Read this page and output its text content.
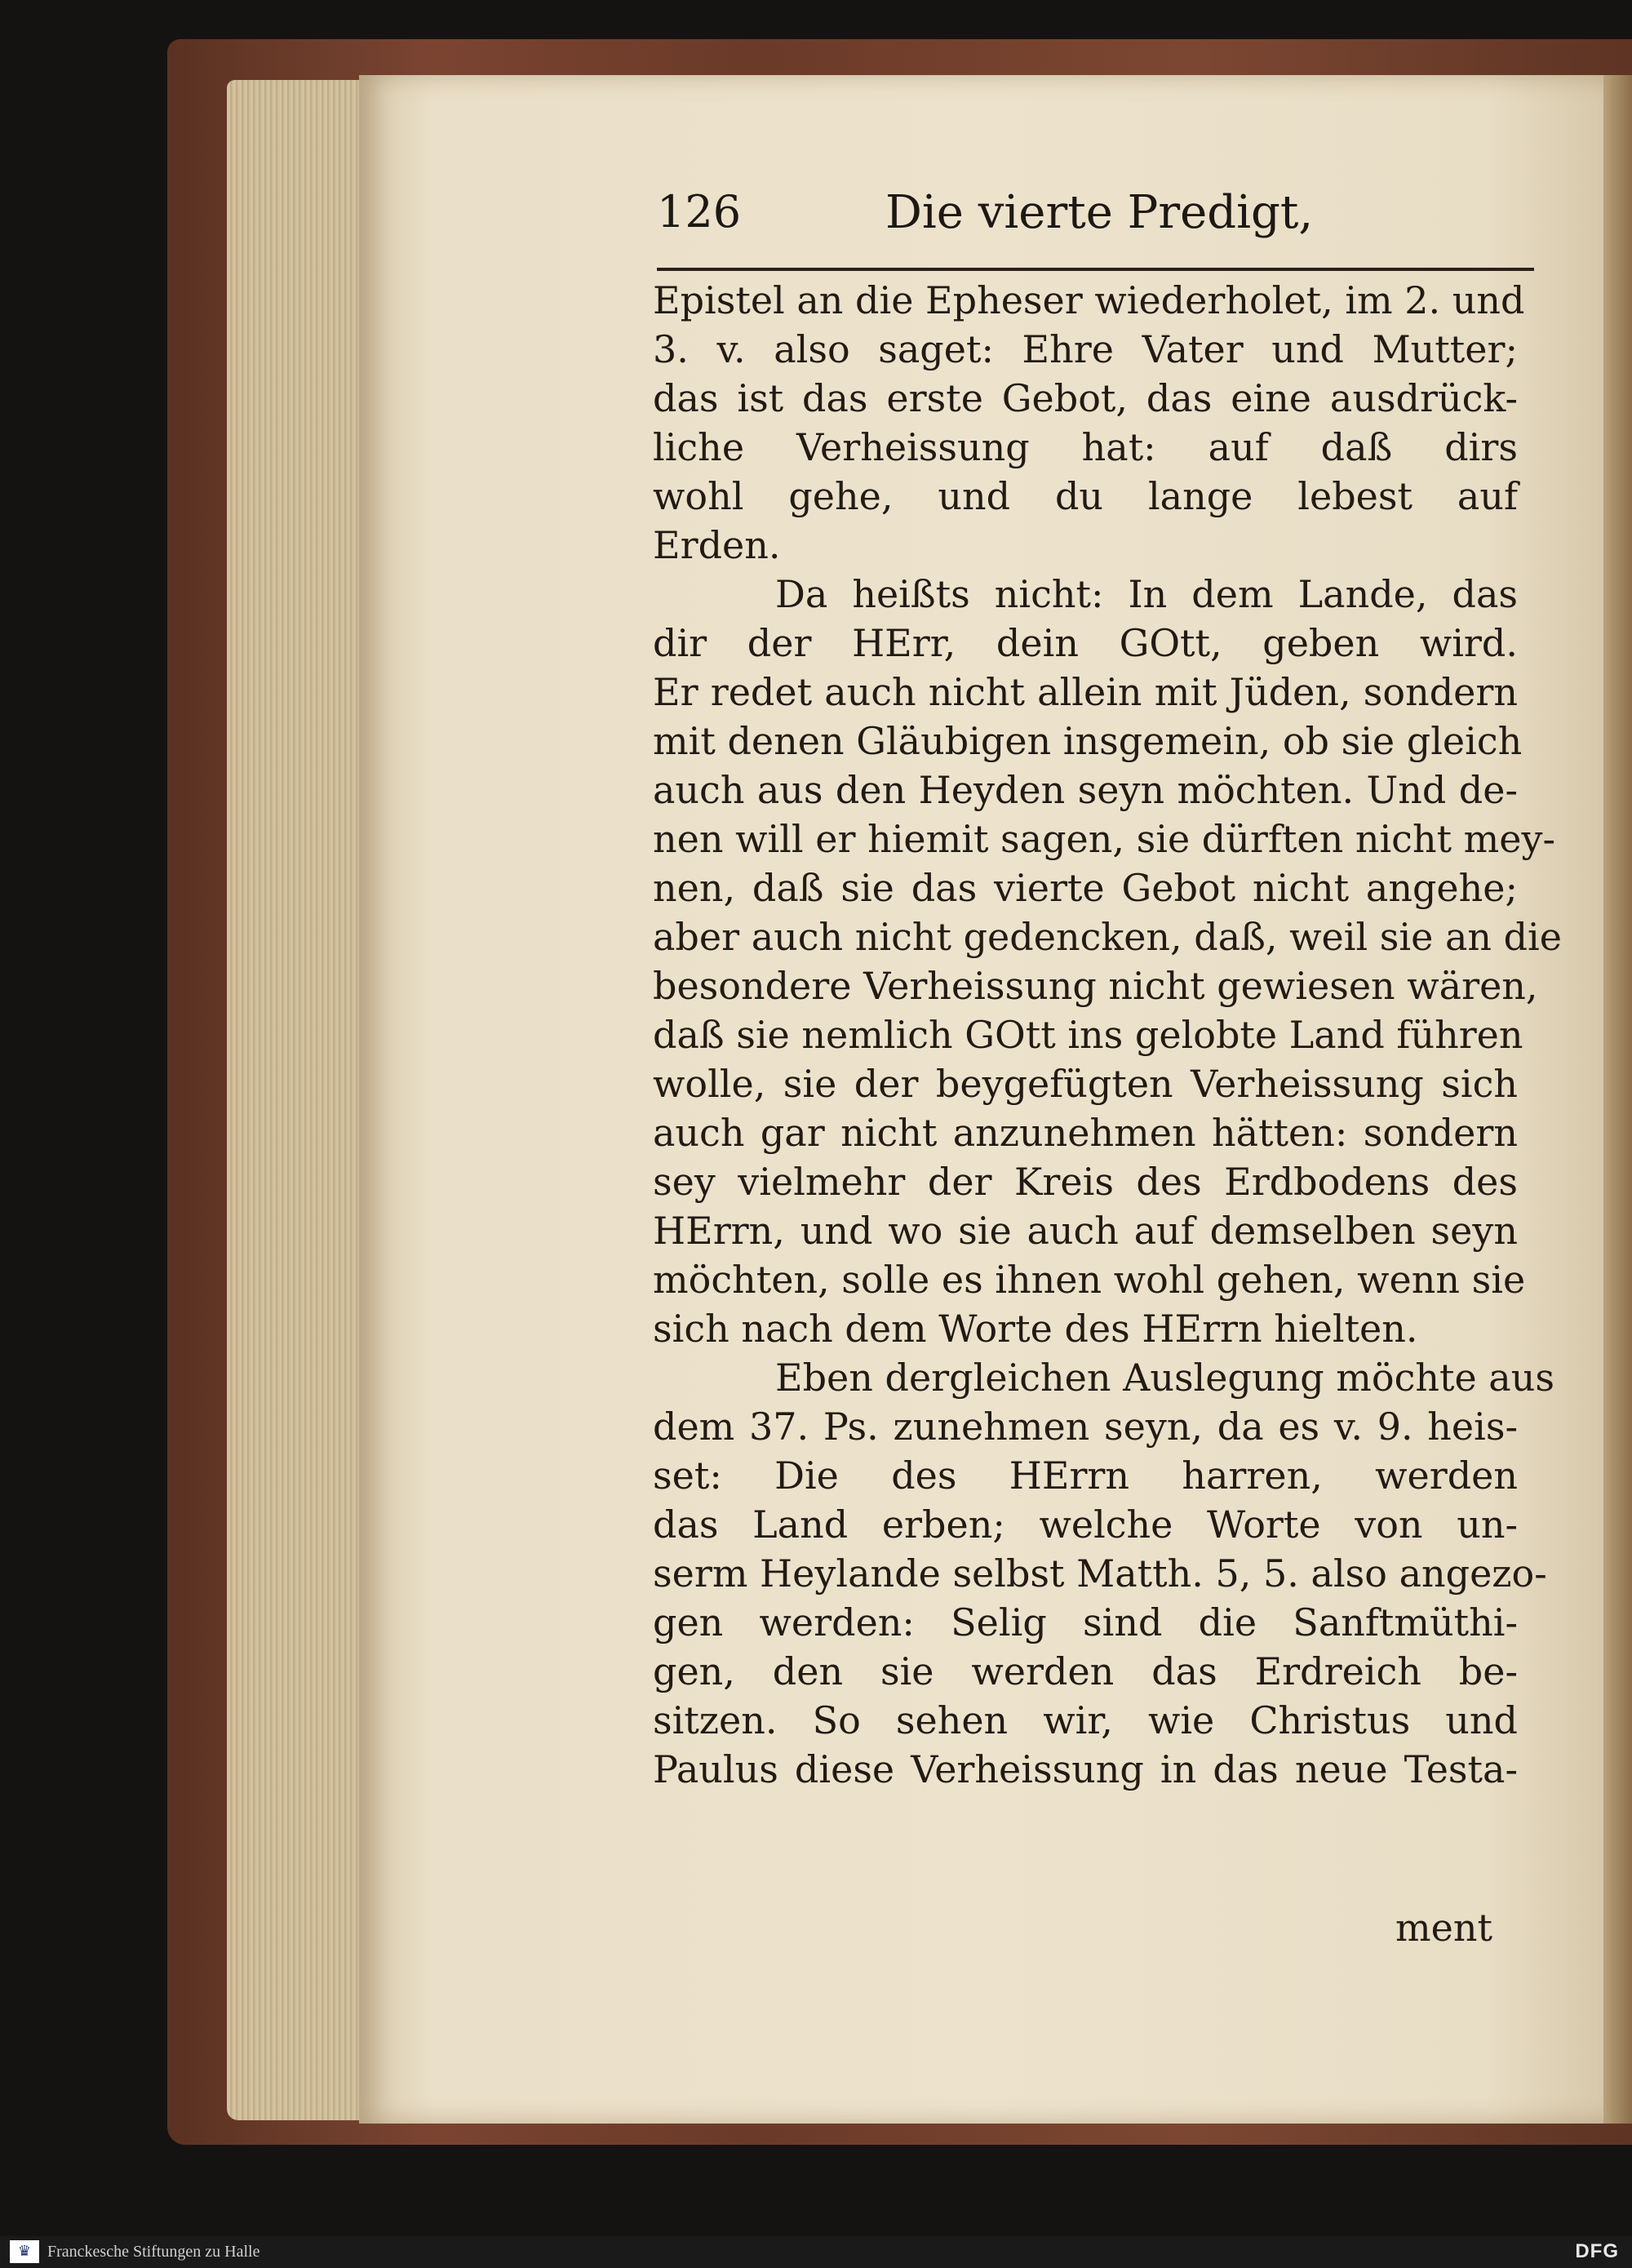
126	Die vierte Predigt,
Epistel an die Epheser wiederholet, im 2. und
3. v. also saget: Ehre Vater und Mutter;
das ist das erste Gebot, das eine ausdrück-
liche Verheissung hat: auf daß dirs
wohl gehe, und du lange lebest auf
Erden.
Da heißts nicht: In dem Lande, das
dir der HErr, dein GOtt, geben wird.
Er redet auch nicht allein mit Jüden, sondern
mit denen Gläubigen insgemein, ob sie gleich
auch aus den Heyden seyn möchten. Und de-
nen will er hiemit sagen, sie dürften nicht mey-
nen, daß sie das vierte Gebot nicht angehe;
aber auch nicht gedencken, daß, weil sie an die
besondere Verheissung nicht gewiesen wären,
daß sie nemlich GOtt ins gelobte Land führen
wolle, sie der beygefügten Verheissung sich
auch gar nicht anzunehmen hätten: sondern
sey vielmehr der Kreis des Erdbodens des
HErrn, und wo sie auch auf demselben seyn
möchten, solle es ihnen wohl gehen, wenn sie
sich nach dem Worte des HErrn hielten.
Eben dergleichen Auslegung möchte aus
dem 37. Ps. zunehmen seyn, da es v. 9. heis-
set: Die des HErrn harren, werden
das Land erben; welche Worte von un-
serm Heylande selbst Matth. 5, 5. also angezo-
gen werden: Selig sind die Sanftmüthi-
gen, den sie werden das Erdreich be-
sitzen. So sehen wir, wie Christus und
Paulus diese Verheissung in das neue Testa-
ment
♛ Franckesche Stiftungen zu Halle	DFG
